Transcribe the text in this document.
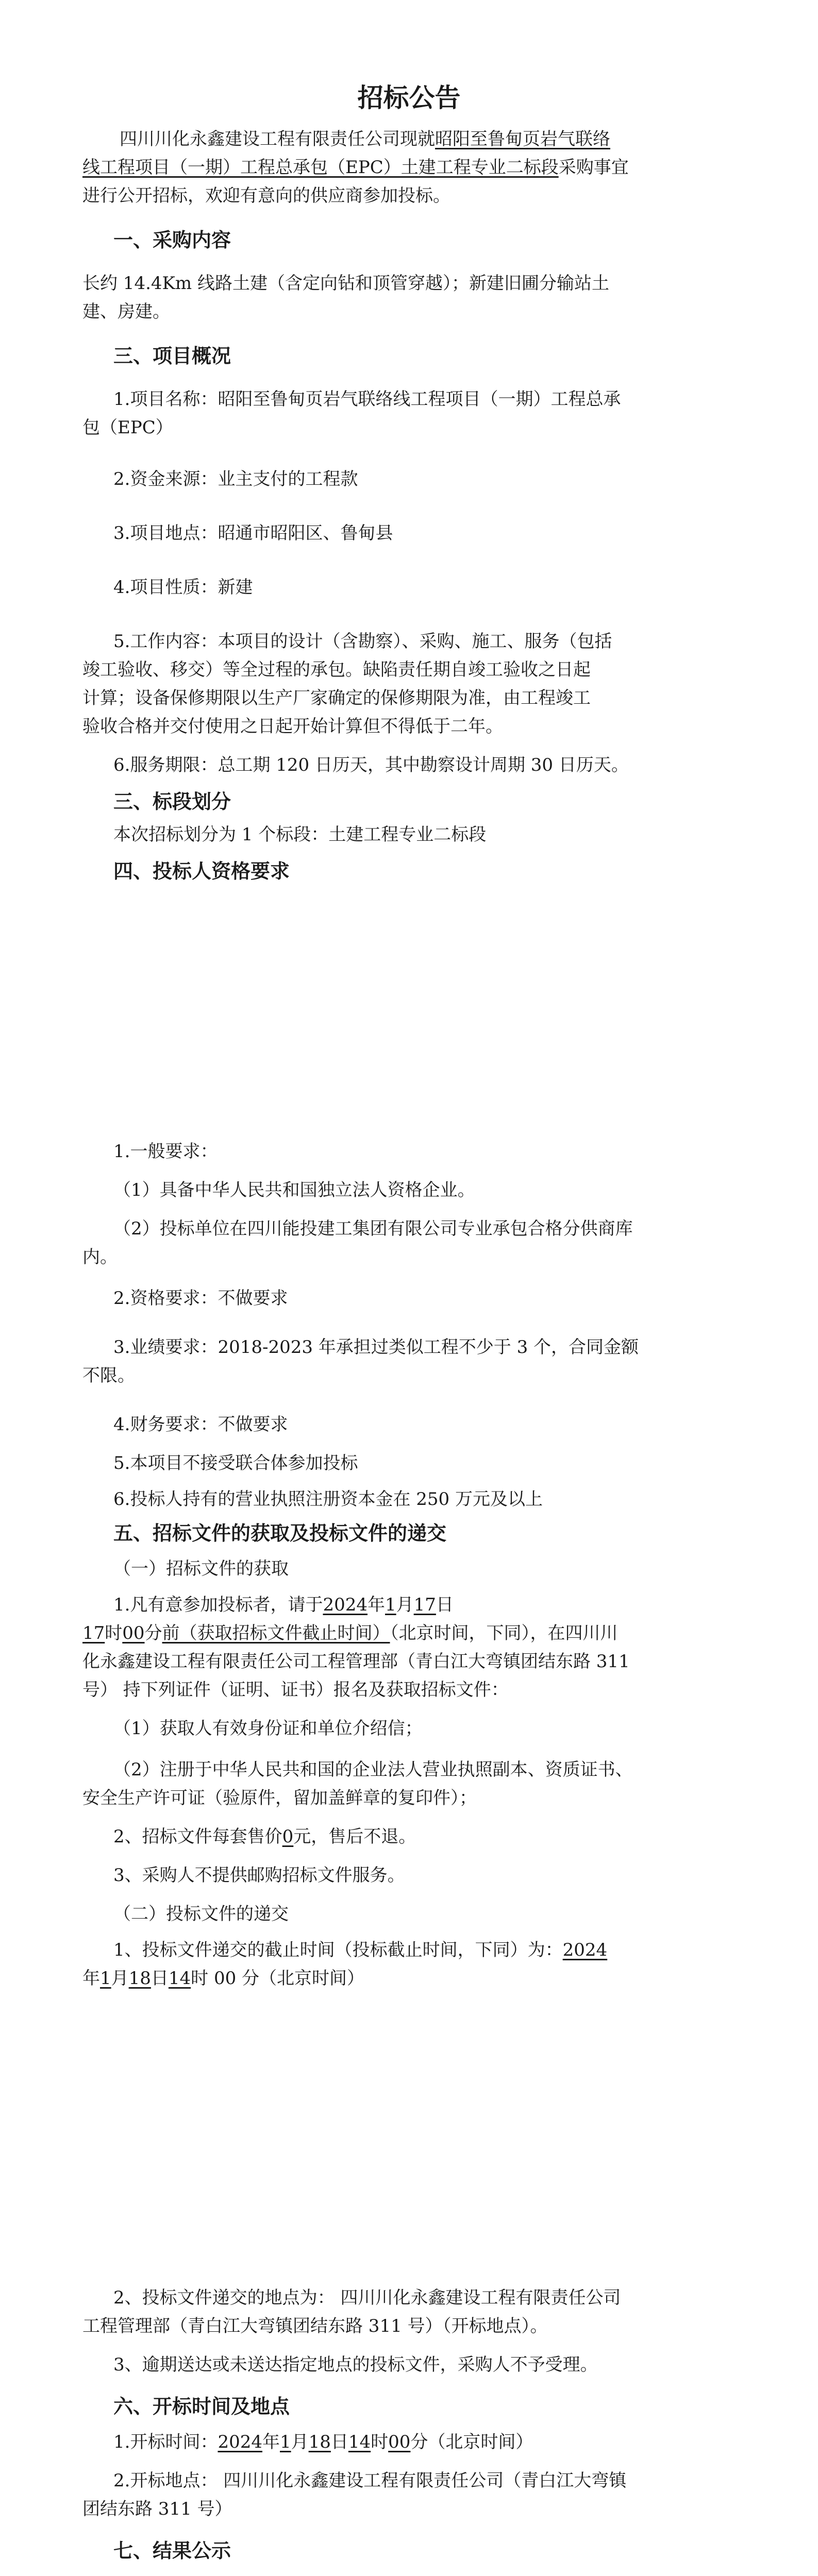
招标公告
四川川化永鑫建设工程有限责任公司现就昭阳至鲁甸页岩气联络
线工程项目（一期）工程总承包（EPC）土建工程专业二标段采购事宜
进行公开招标，欢迎有意向的供应商参加投标。
一、采购内容
长约 14.4Km 线路土建（含定向钻和顶管穿越）；新建旧圃分输站土
建、房建。
三、项目概况
1.项目名称：昭阳至鲁甸页岩气联络线工程项目（一期）工程总承
包（EPC）
2.资金来源：业主支付的工程款
3.项目地点：昭通市昭阳区、鲁甸县
4.项目性质：新建
5.工作内容：本项目的设计（含勘察）、采购、施工、服务（包括
竣工验收、移交）等全过程的承包。缺陷责任期自竣工验收之日起
计算；设备保修期限以生产厂家确定的保修期限为准，由工程竣工
验收合格并交付使用之日起开始计算但不得低于二年。
6.服务期限：总工期 120 日历天，其中勘察设计周期 30 日历天。
三、标段划分
本次招标划分为 1 个标段：土建工程专业二标段
四、投标人资格要求
1.一般要求：
（1）具备中华人民共和国独立法人资格企业。
（2）投标单位在四川能投建工集团有限公司专业承包合格分供商库
内。
2.资格要求：不做要求
3.业绩要求：2018-2023 年承担过类似工程不少于 3 个，合同金额
不限。
4.财务要求：不做要求
5.本项目不接受联合体参加投标
6.投标人持有的营业执照注册资本金在 250 万元及以上
五、招标文件的获取及投标文件的递交
（一）招标文件的获取
1.凡有意参加投标者，请于2024年1月17日
17时00分前（获取招标文件截止时间）（北京时间，下同），在四川川
化永鑫建设工程有限责任公司工程管理部（青白江大弯镇团结东路 311
号） 持下列证件（证明、证书）报名及获取招标文件：
（1）获取人有效身份证和单位介绍信；
（2）注册于中华人民共和国的企业法人营业执照副本、资质证书、
安全生产许可证（验原件，留加盖鲜章的复印件）；
2、招标文件每套售价0元，售后不退。
3、采购人不提供邮购招标文件服务。
（二）投标文件的递交
1、投标文件递交的截止时间（投标截止时间，下同）为：2024
年1月18日14时 00 分（北京时间）
2、投标文件递交的地点为： 四川川化永鑫建设工程有限责任公司
工程管理部（青白江大弯镇团结东路 311 号）（开标地点）。
3、逾期送达或未送达指定地点的投标文件，采购人不予受理。
六、开标时间及地点
1.开标时间：2024年1月18日14时00分（北京时间）
2.开标地点： 四川川化永鑫建设工程有限责任公司（青白江大弯镇
团结东路 311 号）
七、结果公示
